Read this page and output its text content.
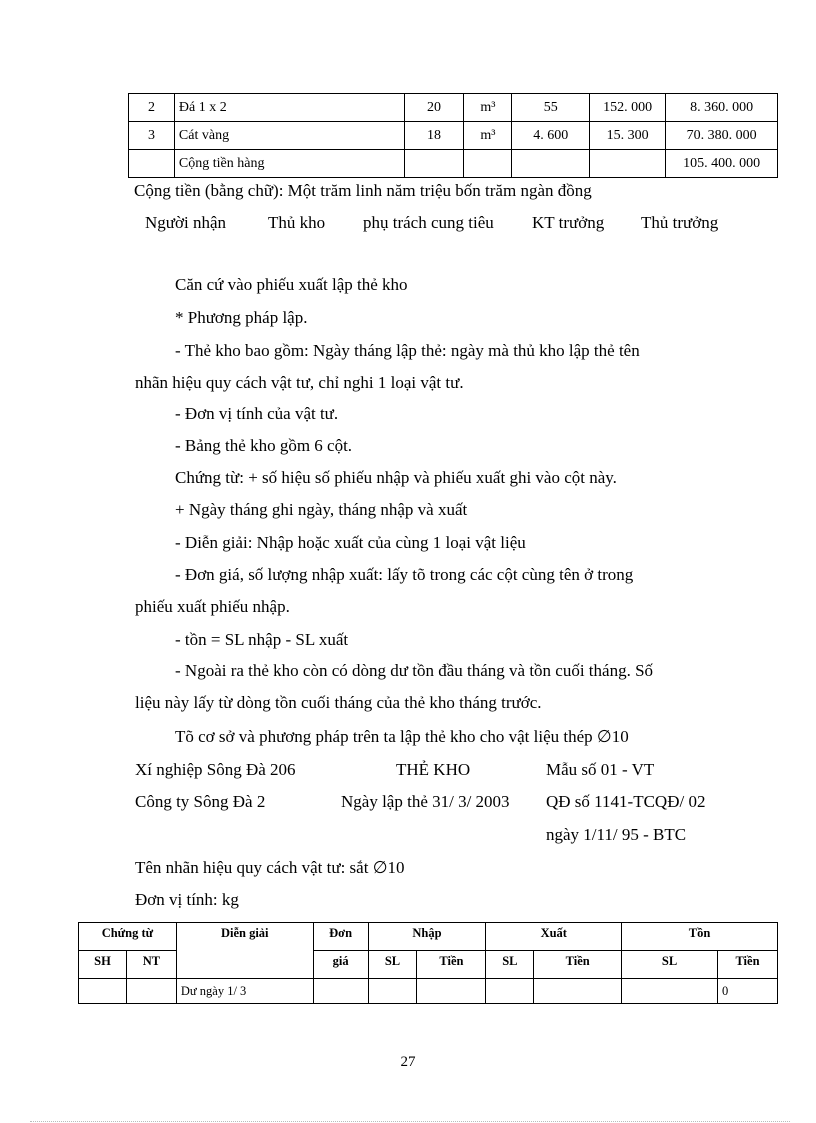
2	Đá 1 x 2	20	m³	55	152. 000	8. 360. 000
3	Cát vàng	18	m³	4. 600	15. 300	70. 380. 000
	Cộng tiền hàng					105. 400. 000
Cộng tiền (bằng chữ): Một trăm linh năm triệu bốn trăm ngàn đồng
Người nhận Thủ kho phụ trách cung tiêu KT trưởng Thủ trưởng
Căn cứ vào phiếu xuất lập thẻ kho
* Phương pháp lập.
- Thẻ kho bao gồm: Ngày tháng lập thẻ: ngày mà thủ kho lập thẻ tên
nhãn hiệu quy cách vật tư, chỉ nghi 1 loại vật tư.
- Đơn vị tính của vật tư.
- Bảng thẻ kho gồm 6 cột.
Chứng từ: + số hiệu số phiếu nhập và phiếu xuất ghi vào cột này.
+ Ngày tháng ghi ngày, tháng nhập và xuất
- Diễn giải: Nhập hoặc xuất của cùng 1 loại vật liệu
- Đơn giá, số lượng nhập xuất: lấy tõ trong các cột cùng tên ở trong
phiếu xuất phiếu nhập.
- tồn = SL nhập - SL xuất
- Ngoài ra thẻ kho còn có dòng dư tồn đầu tháng và tồn cuối tháng. Số
liệu này lấy từ dòng tồn cuối tháng của thẻ kho tháng trước.
Tõ cơ sở và phương pháp trên ta lập thẻ kho cho vật liệu thép ∅10
Xí nghiệp Sông Đà 206	THẺ KHO	Mẫu số 01 - VT
Công ty Sông Đà 2	Ngày lập thẻ 31/ 3/ 2003 QĐ số 1141-TCQĐ/ 02
ngày 1/11/ 95 - BTC
Tên nhãn hiệu quy cách vật tư: sắt ∅10
Đơn vị tính: kg
Chứng từ		Diễn giải	Đơn	Nhập		Xuất		Tồn	
SH	NT		giá	SL	Tiền	SL	Tiền	SL	Tiền
		Dư ngày 1/ 3							0
27
